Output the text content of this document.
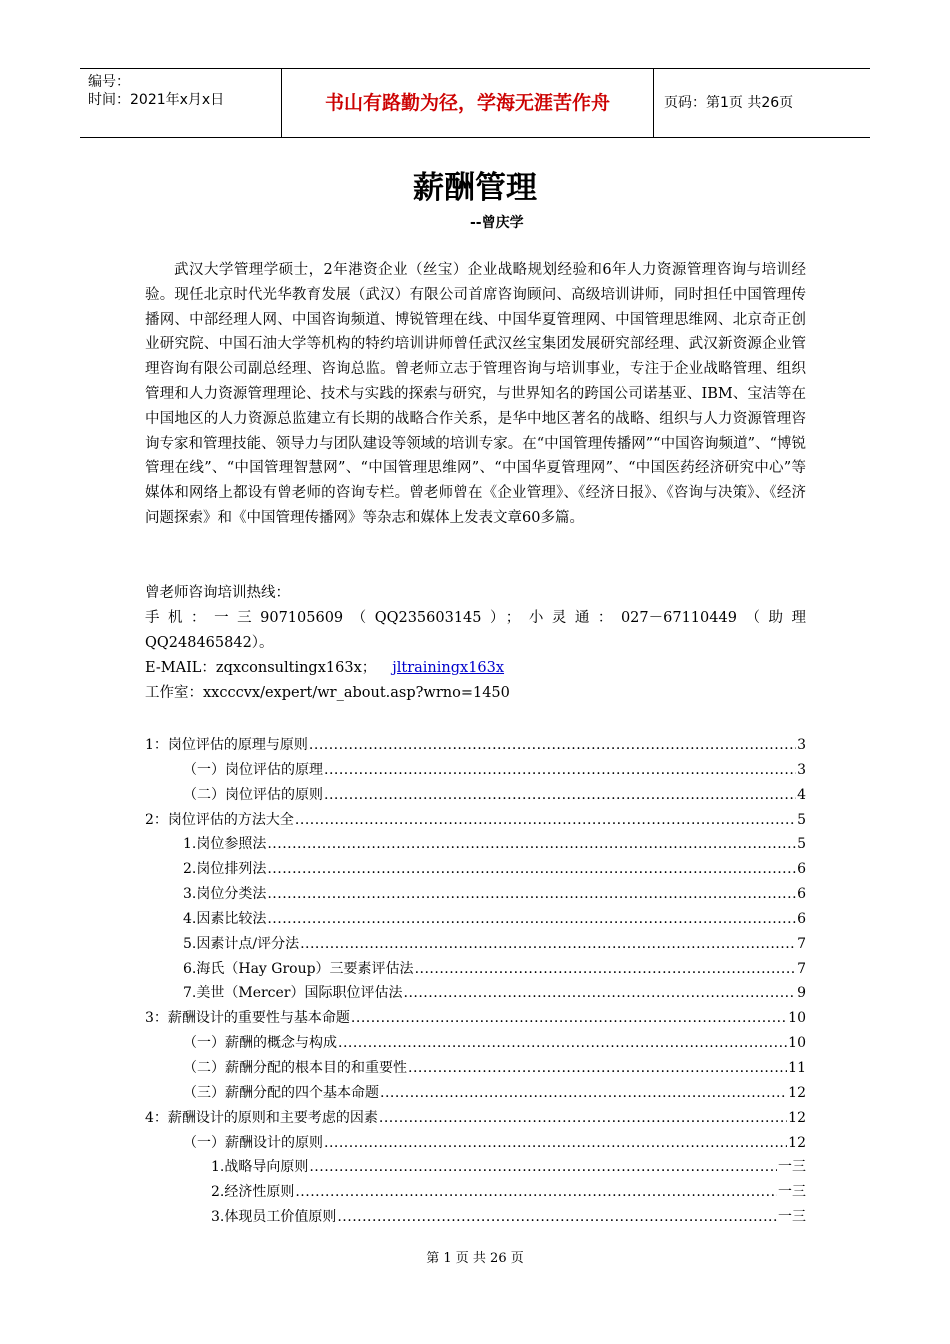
编号：
时间：2021年x月x日	书山有路勤为径，学海无涯苦作舟	页码：第1页 共26页
薪酬管理
--曾庆学

武汉大学管理学硕士，2年港资企业（丝宝）企业战略规划经验和6年人力资源管理咨询与培训经验。现任北京时代光华教育发展（武汉）有限公司首席咨询顾问、高级培训讲师，同时担任中国管理传播网、中部经理人网、中国咨询频道、博锐管理在线、中国华夏管理网、中国管理思维网、北京奇正创业研究院、中国石油大学等机构的特约培训讲师曾任武汉丝宝集团发展研究部经理、武汉新资源企业管理咨询有限公司副总经理、咨询总监。曾老师立志于管理咨询与培训事业，专注于企业战略管理、组织管理和人力资源管理理论、技术与实践的探索与研究，与世界知名的跨国公司诺基亚、IBM、宝洁等在中国地区的人力资源总监建立有长期的战略合作关系，是华中地区著名的战略、组织与人力资源管理咨询专家和管理技能、领导力与团队建设等领域的培训专家。在“中国管理传播网”“中国咨询频道”、“博锐管理在线”、“中国管理智慧网”、“中国管理思维网”、“中国华夏管理网”、“中国医药经济研究中心”等媒体和网络上都设有曾老师的咨询专栏。曾老师曾在《企业管理》、《经济日报》、《咨询与决策》、《经济问题探索》和《中国管理传播网》等杂志和媒体上发表文章60多篇。

曾老师咨询培训热线：

手机：一三907105609（QQ235603145）；小灵通：027－67110449（助理

QQ248465842）。

E-MAIL：zqxconsultingx163x； jltrainingx163x

工作室：xxcccvx/expert/wr_about.asp?wrno=1450

1：岗位评估的原理与原则 .....	3
（一）岗位评估的原理 .....	3
（二）岗位评估的原则 .....	4
2：岗位评估的方法大全 .....	5
1.岗位参照法 .....	5
2.岗位排列法 .....	6
3.岗位分类法 .....	6
4.因素比较法 .....	6
5.因素计点/评分法 .....	7
6.海氏（Hay Group）三要素评估法 .....	7
7.美世（Mercer）国际职位评估法 .....	9
3：薪酬设计的重要性与基本命题 .....	10
（一）薪酬的概念与构成 .....	10
（二）薪酬分配的根本目的和重要性 .....	11
（三）薪酬分配的四个基本命题 .....	12
4：薪酬设计的原则和主要考虑的因素 .....	12
（一）薪酬设计的原则 .....	12
1.战略导向原则 .....	一三
2.经济性原则 .....	一三
3.体现员工价值原则 .....	一三
第 1 页 共 26 页
